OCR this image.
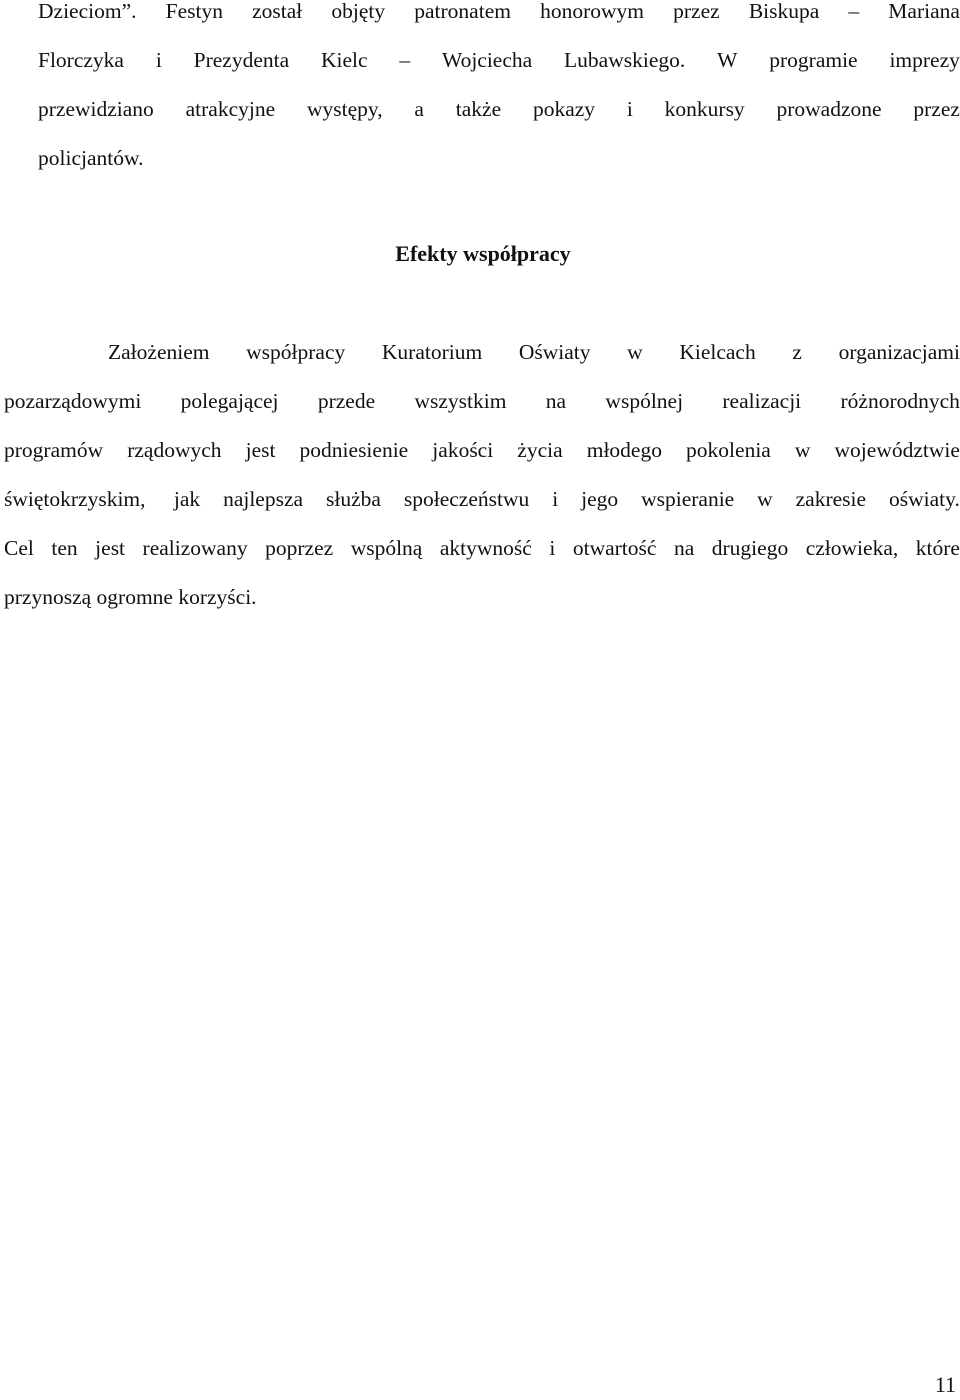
Dzieciom”. Festyn został objęty patronatem honorowym przez Biskupa – Mariana
Florczyka i Prezydenta Kielc – Wojciecha Lubawskiego. W programie imprezy
przewidziano atrakcyjne występy, a także pokazy i konkursy prowadzone przez
policjantów.
Efekty współpracy
Założeniem współpracy Kuratorium Oświaty w Kielcach z organizacjami
pozarządowymi polegającej przede wszystkim na wspólnej realizacji różnorodnych
programów rządowych jest podniesienie jakości życia młodego pokolenia w województwie
świętokrzyskim, jak najlepsza służba społeczeństwu i jego wspieranie w zakresie oświaty.
Cel ten jest realizowany poprzez wspólną aktywność i otwartość na drugiego człowieka, które
przynoszą ogromne korzyści.
11
